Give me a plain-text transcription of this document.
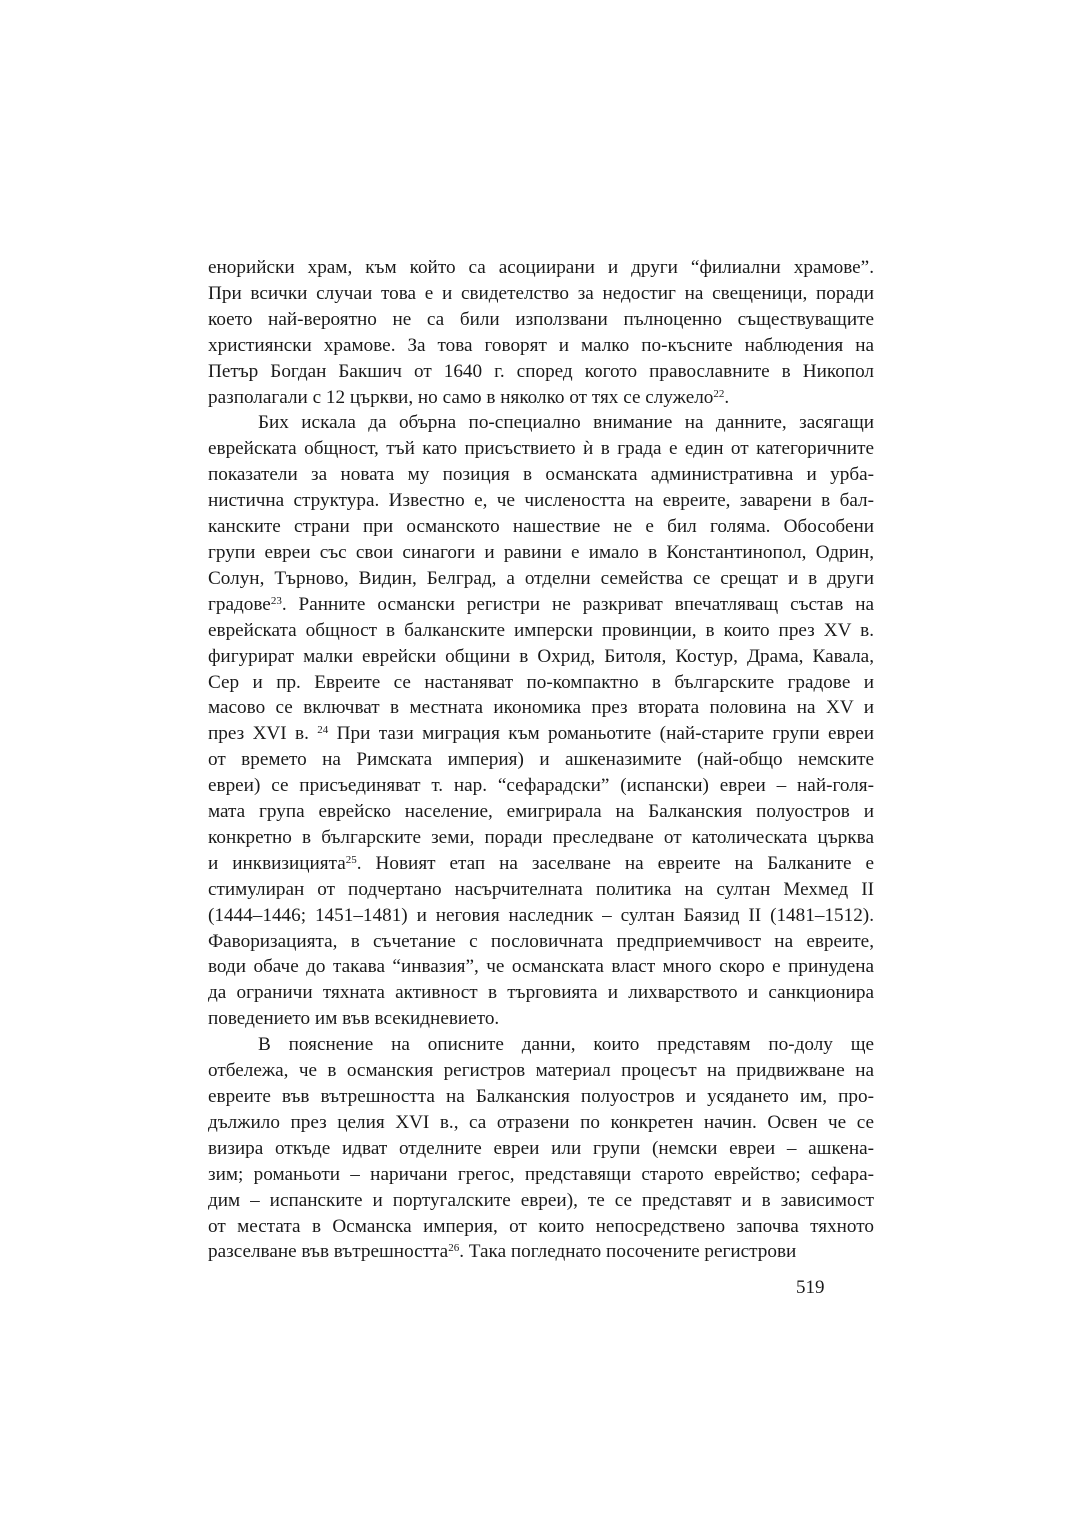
енорийски храм, към който са асоциирани и други “филиални храмове”.
При всички случаи това е и свидетелство за недостиг на свещеници, поради
което най-вероятно не са били използвани пълноценно съществуващите
християнски храмове. За това говорят и малко по-късните наблюдения на
Петър Богдан Бакшич от 1640 г. според когото православните в Никопол
разполагали с 12 църкви, но само в няколко от тях се служело$^{22}$.
Бих искала да обърна по-специално внимание на данните, засягащи
еврейската общност, тъй като присъствието ѝ в града е един от категоричните
показатели за новата му позиция в османската административна и урба-
нистична структура. Известно е, че числеността на евреите, заварени в бал-
канските страни при османското нашествие не е бил голяма. Обособени
групи евреи със свои синагоги и равини е имало в Константинопол, Одрин,
Солун, Търново, Видин, Белград, а отделни семейства се срещат и в други
градове$^{23}$. Ранните османски регистри не разкриват впечатляващ състав на
еврейската общност в балканските имперски провинции, в които през XV в.
фигурират малки еврейски общини в Охрид, Битоля, Костур, Драма, Кавала,
Сер и пр. Евреите се настаняват по-компактно в българските градове и
масово се включват в местната икономика през втората половина на XV и
през XVI в. $^{24}$ При тази миграция към романьотите (най-старите групи евреи
от времето на Римската империя) и ашкеназимите (най-общо немските
евреи) се присъединяват т. нар. “сефарадски” (испански) евреи – най-голя-
мата група еврейско население, емигрирала на Балканския полуостров и
конкретно в българските земи, поради преследване от католическата църква
и инквизицията$^{25}$. Новият етап на заселване на евреите на Балканите е
стимулиран от подчертано насърчителната политика на султан Мехмед II
(1444–1446; 1451–1481) и неговия наследник – султан Баязид II (1481–1512).
Фаворизацията, в съчетание с пословичната предприемчивост на евреите,
води обаче до такава “инвазия”, че османската власт много скоро е принудена
да ограничи тяхната активност в търговията и лихварството и санкционира
поведението им във всекидневието.
В пояснение на описните данни, които представям по-долу ще
отбележа, че в османския регистров материал процесът на придвижване на
евреите във вътрешността на Балканския полуостров и усядането им, про-
дължило през целия XVI в., са отразени по конкретен начин. Освен че се
визира откъде идват отделните евреи или групи (немски евреи – ашкена-
зим; романьоти – наричани грегос, представящи старото еврейство; сефара-
дим – испанските и португалските евреи), те се представят и в зависимост
от местата в Османска империя, от които непосредствено започва тяхното
разселване във вътрешността$^{26}$. Така погледнато посочените регистрови
519
